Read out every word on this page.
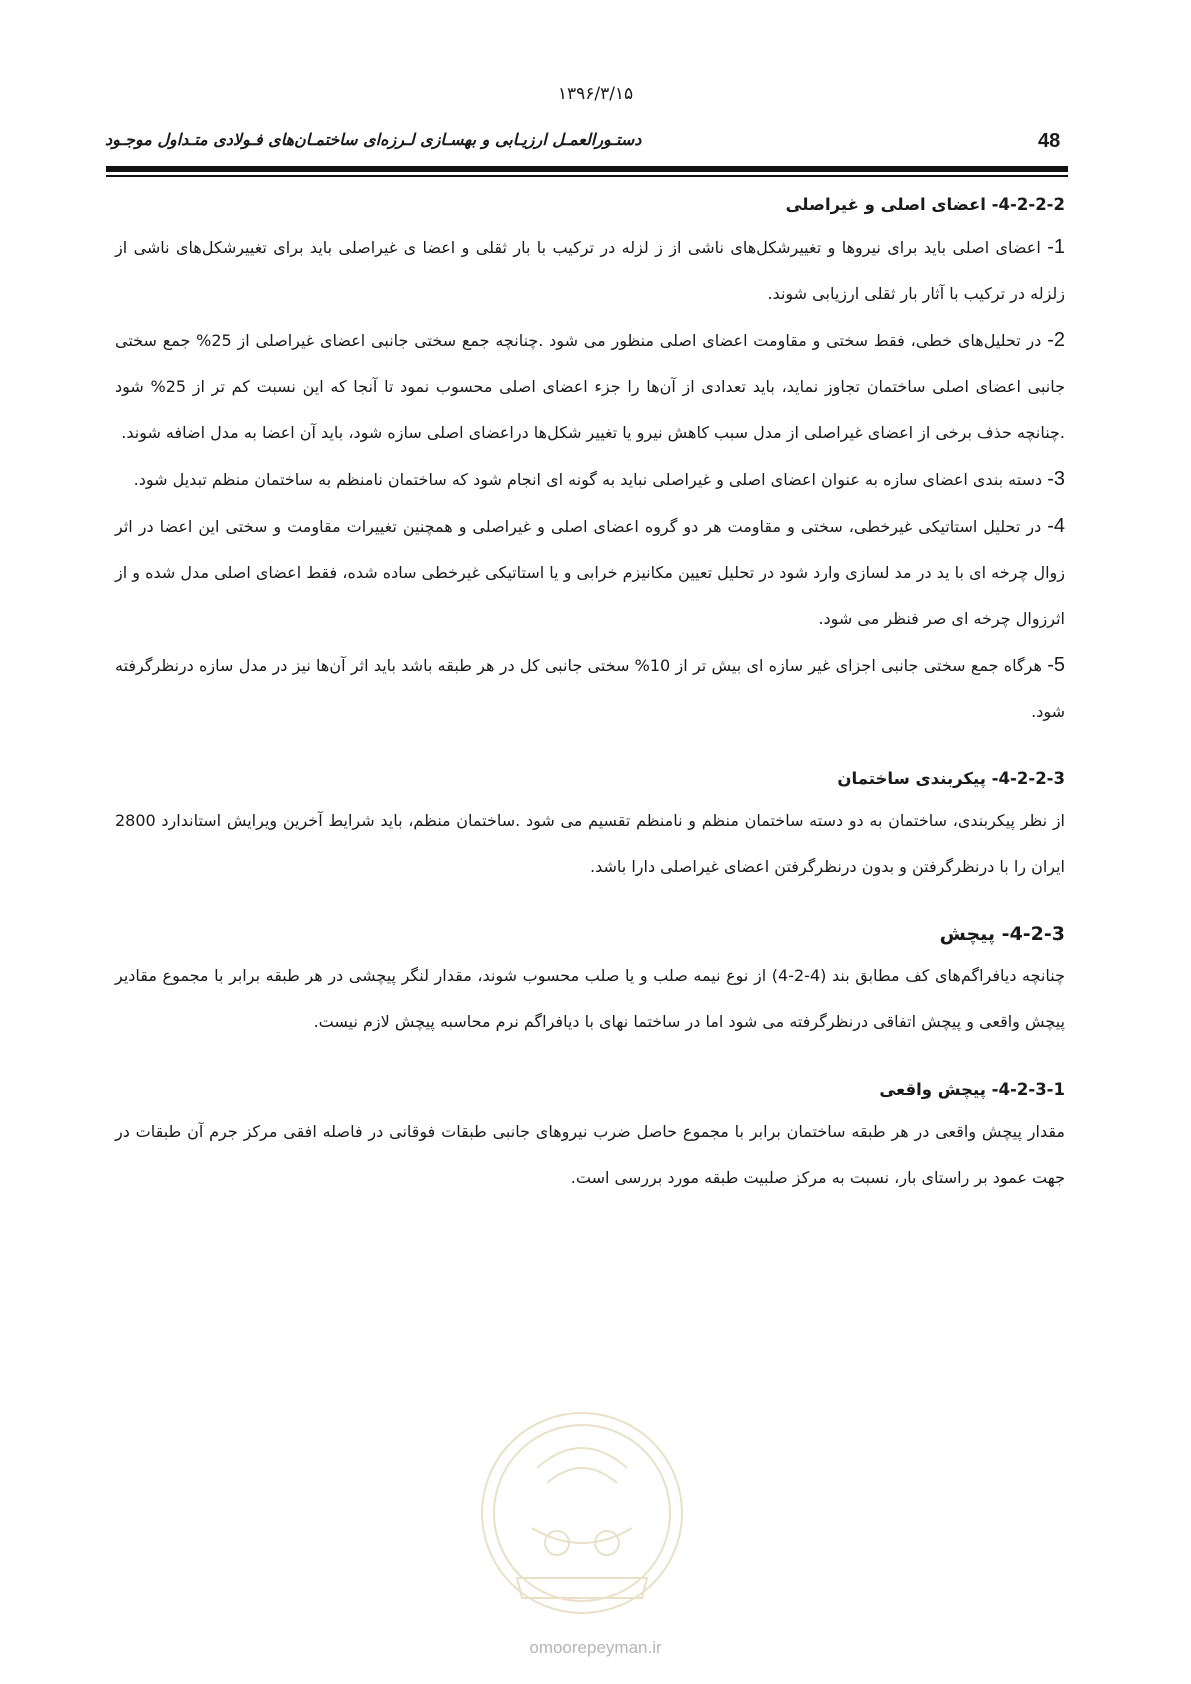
۱۳۹۶/۳/۱۵
48
دستـورالعمـل ارزیـابی و بهسـازی لـرزه‌ای ساختمـان‌های فـولادی متـداول موجـود
4-2-2-2- اعضای اصلی و غیراصلی

1- اعضای اصلی باید برای نیروها و تغییرشکل‌های ناشی از ز لزله در ترکیب با بار ثقلی و اعضا ی غیراصلی باید برای تغییرشکل‌های ناشی از زلزله در ترکیب با آثار بار ثقلی ارزیابی شوند.

2- در تحلیل‌های خطی، فقط سختی و مقاومت اعضای اصلی منظور می شود .چنانچه جمع سختی جانبی اعضای غیراصلی از 25% جمع سختی جانبی اعضای اصلی ساختمان تجاوز نماید، باید تعدادی از آن‌ها را جزء اعضای اصلی محسوب نمود تا آنجا که این نسبت کم تر از 25% شود .چنانچه حذف برخی از اعضای غیراصلی از مدل سبب کاهش نیرو یا تغییر شکل‌ها دراعضای اصلی سازه شود، باید آن اعضا به مدل اضافه شوند.

3- دسته بندی اعضای سازه به عنوان اعضای اصلی و غیراصلی نباید به گونه ای انجام شود که ساختمان نامنظم به ساختمان منظم تبدیل شود.

4- در تحلیل استاتیکی غیرخطی، سختی و مقاومت هر دو گروه اعضای اصلی و غیراصلی و همچنین تغییرات مقاومت و سختی این اعضا در اثر زوال چرخه ای با ید در مد لسازی وارد شود در تحلیل تعیین مکانیزم خرابی و یا استاتیکی غیرخطی ساده شده، فقط اعضای اصلی مدل شده و از اثرزوال چرخه ای صر فنظر می شود.

5- هرگاه جمع سختی جانبی اجزای غیر سازه ای بیش تر از 10% سختی جانبی کل در هر طبقه باشد باید اثر آن‌ها نیز در مدل سازه درنظرگرفته شود.

4-2-2-3- پیکربندی ساختمان

از نظر پیکربندی، ساختمان به دو دسته ساختمان منظم و نامنظم تقسیم می شود .ساختمان منظم، باید شرایط آخرین ویرایش استاندارد 2800 ایران را با درنظرگرفتن و بدون درنظرگرفتن اعضای غیراصلی دارا باشد.

4-2-3- پیچش

چنانچه دیافراگم‌های کف مطابق بند (4-2-4) از نوع نیمه صلب و یا صلب محسوب شوند، مقدار لنگر پیچشی در هر طبقه برابر با مجموع مقادیر پیچش واقعی و پیچش اتفاقی درنظرگرفته می شود اما در ساختما نهای با دیافراگم نرم محاسبه پیچش لازم نیست.

4-2-3-1- پیچش واقعی

مقدار پیچش واقعی در هر طبقه ساختمان برابر با مجموع حاصل ضرب نیروهای جانبی طبقات فوقانی در فاصله افقی مرکز جرم آن طبقات در جهت عمود بر راستای بار، نسبت به مرکز صلبیت طبقه مورد بررسی است.

omoorepeyman.ir
